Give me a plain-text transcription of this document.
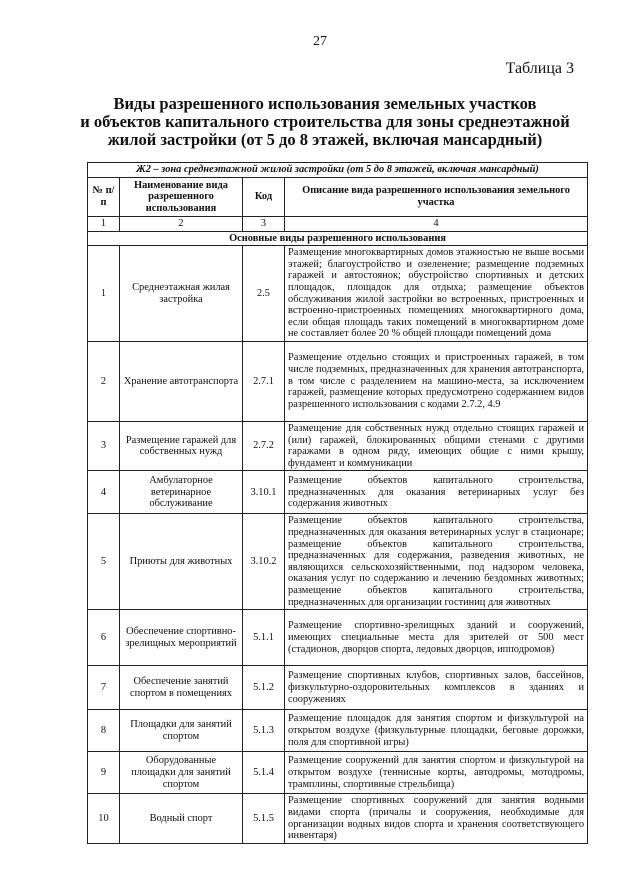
27
Таблица 3
Виды разрешенного использования земельных участков
и объектов капитального строительства для зоны среднеэтажной
жилой застройки (от 5 до 8 этажей, включая мансардный)
Ж2 – зона среднеэтажной жилой застройки (от 5 до 8 этажей, включая мансардный)			
№ п/п	Наименование вида разрешенного использования	Код	Описание вида разрешенного использования земельного участка
1	2	3	4
Основные виды разрешенного использования			
1	Среднеэтажная жилая застройка	2.5	Размещение многоквартирных домов этажностью не выше восьми этажей; благоустройство и озеленение; размещение подземных гаражей и автостоянок; обустройство спортивных и детских площадок, площадок для отдыха; размещение объектов обслуживания жилой застройки во встроенных, пристроенных и встроенно-пристроенных помещениях многоквартирного дома, если общая площадь таких помещений в многоквартирном доме не составляет более 20 % общей площади помещений дома
2	Хранение автотранспорта	2.7.1	Размещение отдельно стоящих и пристроенных гаражей, в том числе подземных, предназначенных для хранения автотранспорта, в том числе с разделением на машино-места, за исключением гаражей, размещение которых предусмотрено содержанием видов разрешенного использования с кодами 2.7.2, 4.9
3	Размещение гаражей для собственных нужд	2.7.2	Размещение для собственных нужд отдельно стоящих гаражей и (или) гаражей, блокированных общими стенами с другими гаражами в одном ряду, имеющих общие с ними крышу, фундамент и коммуникации
4	Амбулаторное ветеринарное обслуживание	3.10.1	Размещение объектов капитального строительства, предназначенных для оказания ветеринарных услуг без содержания животных
5	Приюты для животных	3.10.2	Размещение объектов капитального строительства, предназначенных для оказания ветеринарных услуг в стационаре; размещение объектов капитального строительства, предназначенных для содержания, разведения животных, не являющихся сельскохозяйственными, под надзором человека, оказания услуг по содержанию и лечению бездомных животных; размещение объектов капитального строительства, предназначенных для организации гостиниц для животных
6	Обеспечение спортивно-зрелищных мероприятий	5.1.1	Размещение спортивно-зрелищных зданий и сооружений, имеющих специальные места для зрителей от 500 мест (стадионов, дворцов спорта, ледовых дворцов, ипподромов)
7	Обеспечение занятий спортом в помещениях	5.1.2	Размещение спортивных клубов, спортивных залов, бассейнов, физкультурно-оздоровительных комплексов в зданиях и сооружениях
8	Площадки для занятий спортом	5.1.3	Размещение площадок для занятия спортом и физкультурой на открытом воздухе (физкультурные площадки, беговые дорожки, поля для спортивной игры)
9	Оборудованные площадки для занятий спортом	5.1.4	Размещение сооружений для занятия спортом и физкультурой на открытом воздухе (теннисные корты, автодромы, мотодромы, трамплины, спортивные стрельбища)
10	Водный спорт	5.1.5	Размещение спортивных сооружений для занятия водными видами спорта (причалы и сооружения, необходимые для организации водных видов спорта и хранения соответствующего инвентаря)
